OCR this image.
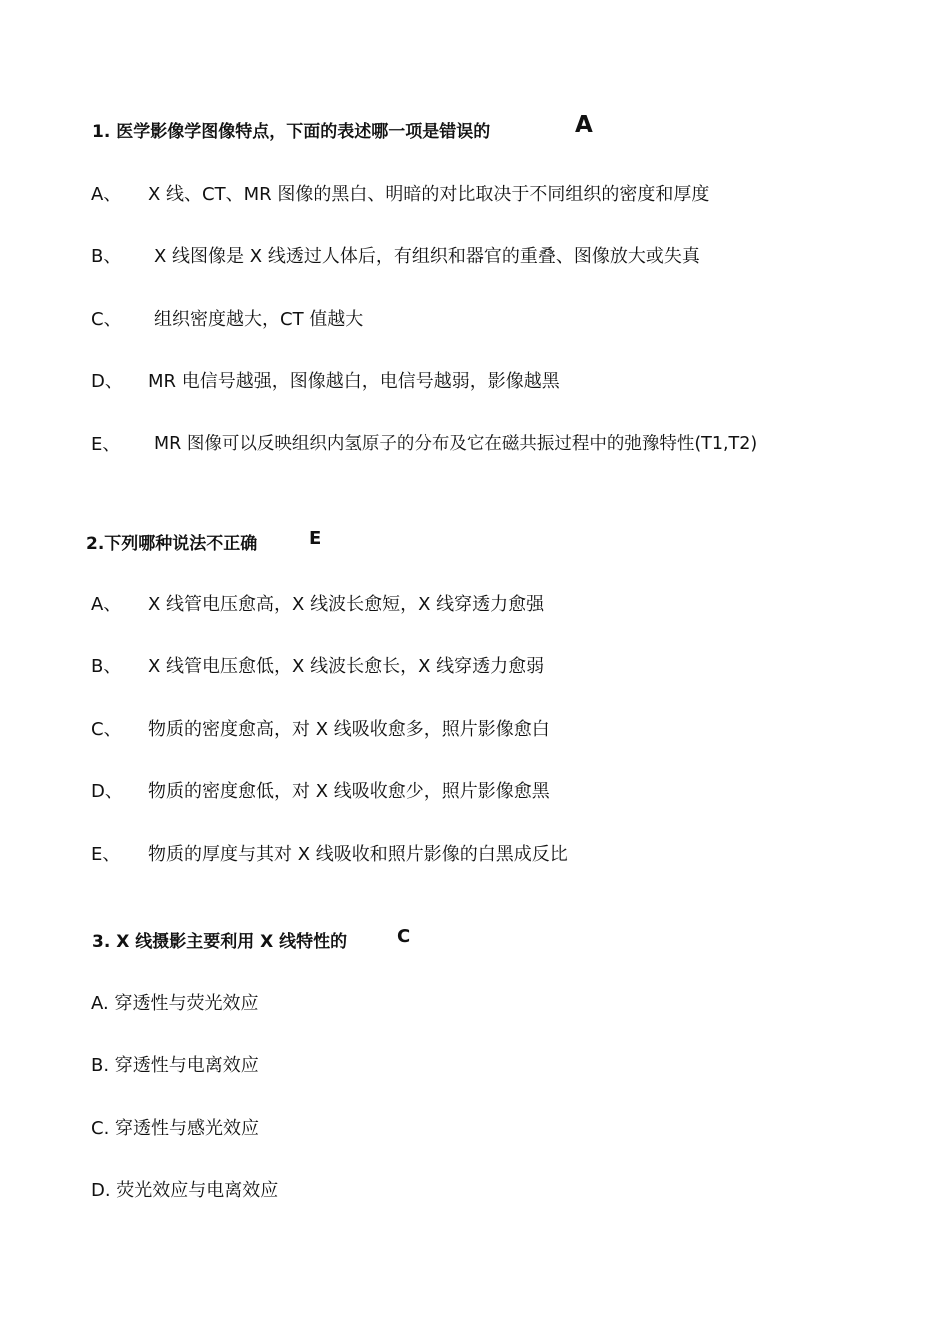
1. 医学影像学图像特点，下面的表述哪一项是错误的	A
A、 X 线、CT、MR 图像的黑白、明暗的对比取决于不同组织的密度和厚度
B、 X 线图像是 X 线透过人体后，有组织和器官的重叠、图像放大或失真
C、 组织密度越大，CT 值越大
D、 MR 电信号越强，图像越白，电信号越弱，影像越黑
E、 MR 图像可以反映组织内氢原子的分布及它在磁共振过程中的弛豫特性(T1,T2)
2.下列哪种说法不正确	E
A、 X 线管电压愈高，X 线波长愈短，X 线穿透力愈强
B、 X 线管电压愈低，X 线波长愈长，X 线穿透力愈弱
C、 物质的密度愈高，对 X 线吸收愈多，照片影像愈白
D、 物质的密度愈低，对 X 线吸收愈少，照片影像愈黑
E、 物质的厚度与其对 X 线吸收和照片影像的白黑成反比
3. X 线摄影主要利用 X 线特性的	C
A. 穿透性与荧光效应
B. 穿透性与电离效应
C. 穿透性与感光效应
D. 荧光效应与电离效应
